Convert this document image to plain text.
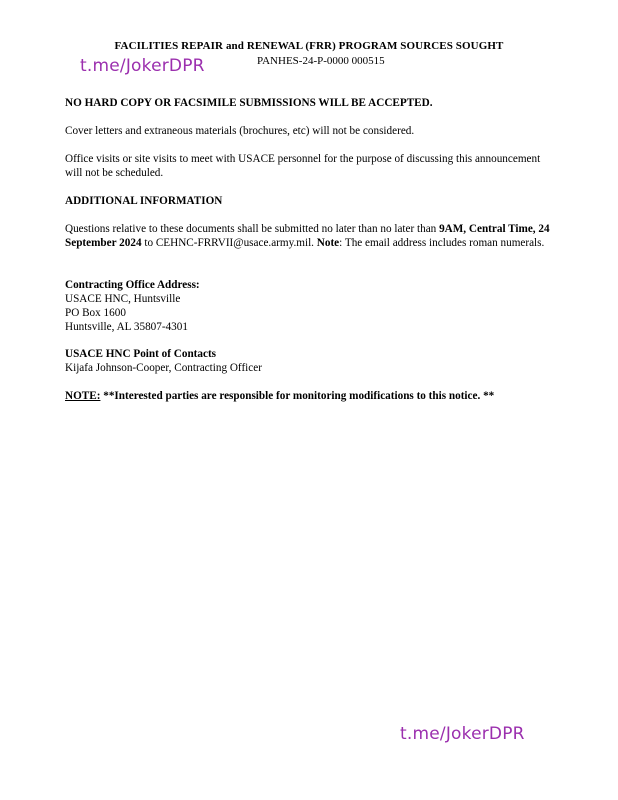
FACILITIES REPAIR and RENEWAL (FRR) PROGRAM SOURCES SOUGHT
PANHES-24-P-0000 000515
t.me/JokerDPR
NO HARD COPY OR FACSIMILE SUBMISSIONS WILL BE ACCEPTED.
Cover letters and extraneous materials (brochures, etc) will not be considered.
Office visits or site visits to meet with USACE personnel for the purpose of discussing this announcement will not be scheduled.
ADDITIONAL INFORMATION
Questions relative to these documents shall be submitted no later than no later than 9AM, Central Time, 24 September 2024 to CEHNC-FRRVII@usace.army.mil. Note: The email address includes roman numerals.
Contracting Office Address:
USACE HNC, Huntsville
PO Box 1600
Huntsville, AL 35807-4301
USACE HNC Point of Contacts
Kijafa Johnson-Cooper, Contracting Officer
NOTE: **Interested parties are responsible for monitoring modifications to this notice. **
t.me/JokerDPR
